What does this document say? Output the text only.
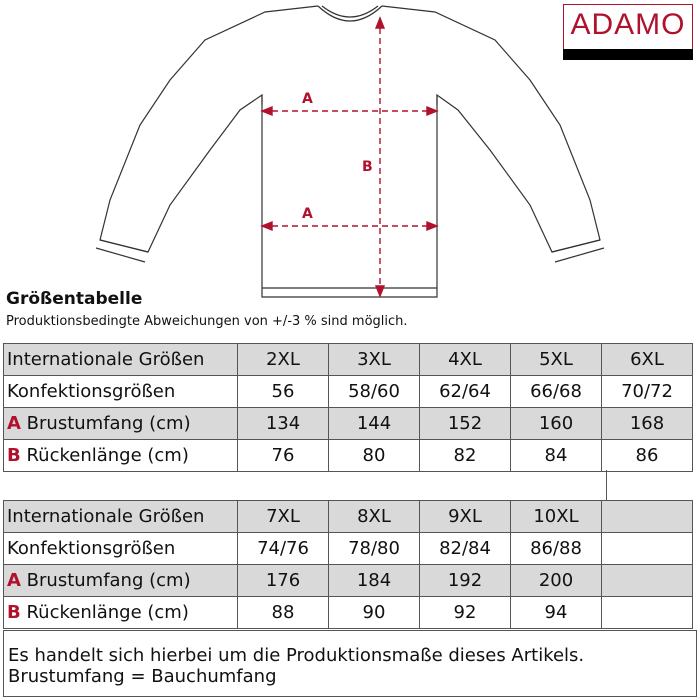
A
B
A
ADAMO
Größentabelle
Produktionsbedingte Abweichungen von +/-3 % sind möglich.
Internationale Größen	2XL	3XL	4XL	5XL	6XL
Konfektionsgrößen	56	58/60	62/64	66/68	70/72
A Brustumfang (cm)	134	144	152	160	168
B Rückenlänge (cm)	76	80	82	84	86
Internationale Größen	7XL	8XL	9XL	10XL	
Konfektionsgrößen	74/76	78/80	82/84	86/88	
A Brustumfang (cm)	176	184	192	200	
B Rückenlänge (cm)	88	90	92	94	
Es handelt sich hierbei um die Produktionsmaße dieses Artikels.
Brustumfang = Bauchumfang
